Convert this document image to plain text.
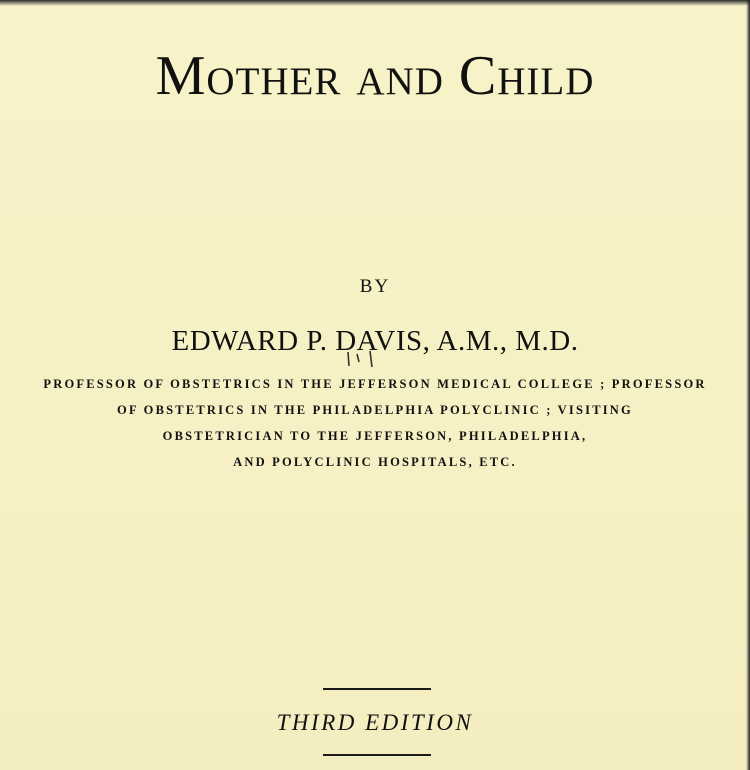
Mother and Child
BY
EDWARD P. DAVIS, A.M., M.D.
PROFESSOR OF OBSTETRICS IN THE JEFFERSON MEDICAL COLLEGE ; PROFESSOR
OF OBSTETRICS IN THE PHILADELPHIA POLYCLINIC ; VISITING
OBSTETRICIAN TO THE JEFFERSON, PHILADELPHIA,
AND POLYCLINIC HOSPITALS, ETC.
THIRD EDITION
